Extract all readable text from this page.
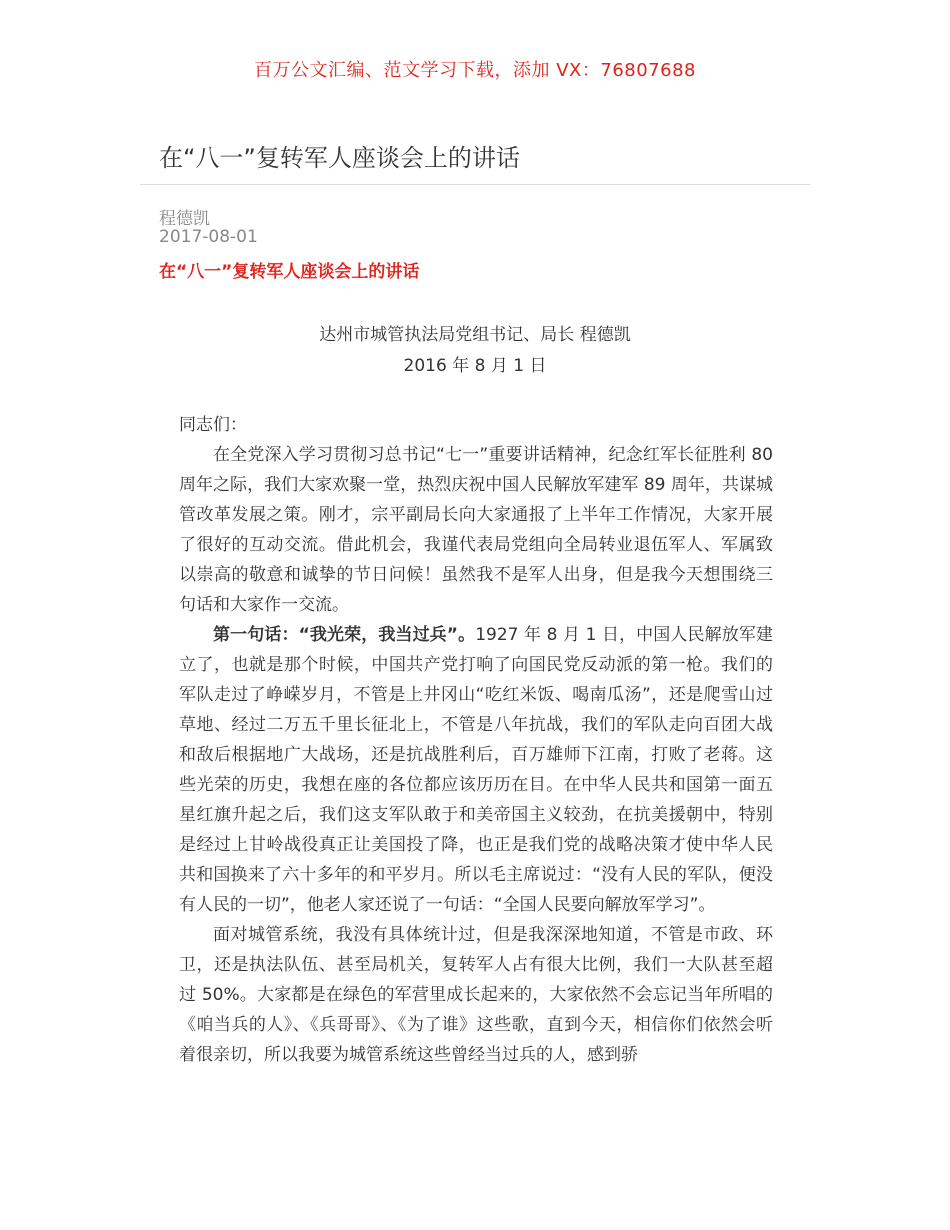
百万公文汇编、范文学习下载，添加 VX：76807688
在“八一”复转军人座谈会上的讲话
程德凯
2017-08-01
在“八一”复转军人座谈会上的讲话
达州市城管执法局党组书记、局长 程德凯
2016 年 8 月 1 日

同志们：

在全党深入学习贯彻习总书记“七一”重要讲话精神，纪念红军长征胜利 80 周年之际，我们大家欢聚一堂，热烈庆祝中国人民解放军建军 89 周年，共谋城管改革发展之策。刚才，宗平副局长向大家通报了上半年工作情况，大家开展了很好的互动交流。借此机会，我谨代表局党组向全局转业退伍军人、军属致以崇高的敬意和诚挚的节日问候！虽然我不是军人出身，但是我今天想围绕三句话和大家作一交流。

第一句话：“我光荣，我当过兵”。1927 年 8 月 1 日，中国人民解放军建立了，也就是那个时候，中国共产党打响了向国民党反动派的第一枪。我们的军队走过了峥嵘岁月，不管是上井冈山“吃红米饭、喝南瓜汤”，还是爬雪山过草地、经过二万五千里长征北上，不管是八年抗战，我们的军队走向百团大战和敌后根据地广大战场，还是抗战胜利后，百万雄师下江南，打败了老蒋。这些光荣的历史，我想在座的各位都应该历历在目。在中华人民共和国第一面五星红旗升起之后，我们这支军队敢于和美帝国主义较劲，在抗美援朝中，特别是经过上甘岭战役真正让美国投了降，也正是我们党的战略决策才使中华人民共和国换来了六十多年的和平岁月。所以毛主席说过：“没有人民的军队，便没有人民的一切”，他老人家还说了一句话：“全国人民要向解放军学习”。

面对城管系统，我没有具体统计过，但是我深深地知道，不管是市政、环卫，还是执法队伍、甚至局机关，复转军人占有很大比例，我们一大队甚至超过 50%。大家都是在绿色的军营里成长起来的，大家依然不会忘记当年所唱的《咱当兵的人》、《兵哥哥》、《为了谁》这些歌，直到今天，相信你们依然会听着很亲切，所以我要为城管系统这些曾经当过兵的人，感到骄
